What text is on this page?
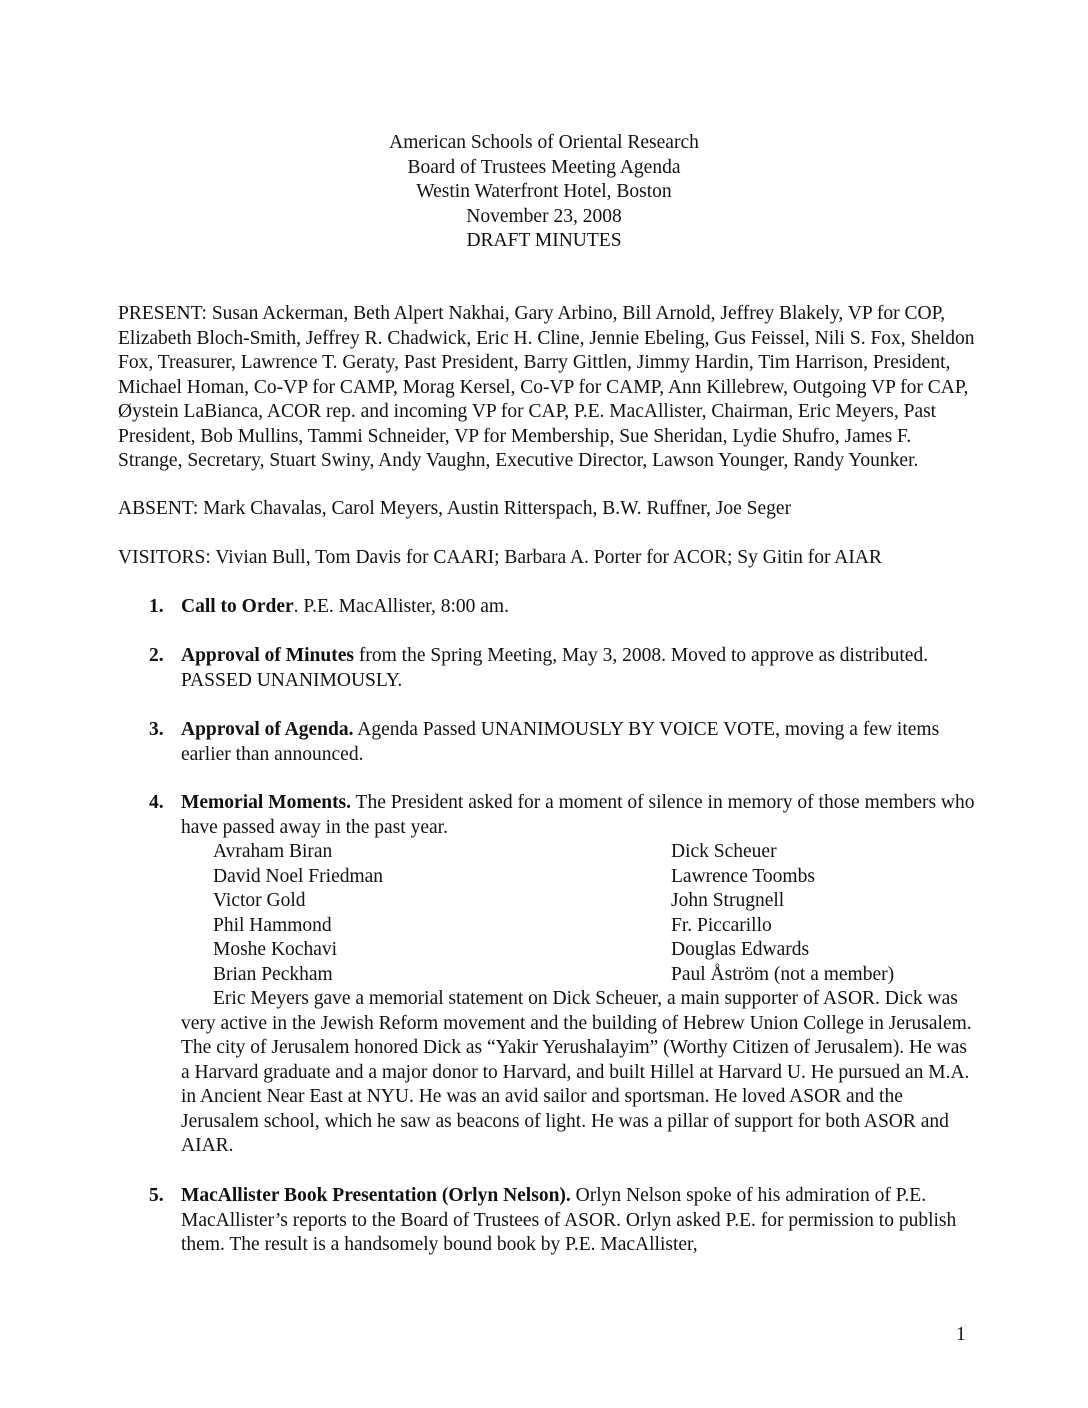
American Schools of Oriental Research
Board of Trustees Meeting Agenda
Westin Waterfront Hotel, Boston
November 23, 2008
DRAFT MINUTES
PRESENT: Susan Ackerman, Beth Alpert Nakhai, Gary Arbino, Bill Arnold, Jeffrey Blakely, VP for COP, Elizabeth Bloch-Smith, Jeffrey R. Chadwick, Eric H. Cline, Jennie Ebeling, Gus Feissel, Nili S. Fox, Sheldon Fox, Treasurer, Lawrence T. Geraty, Past President, Barry Gittlen, Jimmy Hardin, Tim Harrison, President, Michael Homan, Co-VP for CAMP, Morag Kersel, Co-VP for CAMP, Ann Killebrew, Outgoing VP for CAP, Øystein LaBianca, ACOR rep. and incoming VP for CAP, P.E. MacAllister, Chairman, Eric Meyers, Past President, Bob Mullins, Tammi Schneider, VP for Membership, Sue Sheridan, Lydie Shufro, James F. Strange, Secretary, Stuart Swiny, Andy Vaughn, Executive Director, Lawson Younger, Randy Younker.
ABSENT: Mark Chavalas, Carol Meyers, Austin Ritterspach, B.W. Ruffner, Joe Seger
VISITORS: Vivian Bull, Tom Davis for CAARI; Barbara A. Porter for ACOR; Sy Gitin for AIAR
1. Call to Order. P.E. MacAllister, 8:00 am.
2. Approval of Minutes from the Spring Meeting, May 3, 2008. Moved to approve as distributed. PASSED UNANIMOUSLY.
3. Approval of Agenda. Agenda Passed UNANIMOUSLY BY VOICE VOTE, moving a few items earlier than announced.
4. Memorial Moments. The President asked for a moment of silence in memory of those members who have passed away in the past year.
Avraham Biran
David Noel Friedman
Victor Gold
Phil Hammond
Moshe Kochavi
Brian Peckham
Dick Scheuer
Lawrence Toombs
John Strugnell
Fr. Piccarillo
Douglas Edwards
Paul Åström (not a member)
Eric Meyers gave a memorial statement on Dick Scheuer, a main supporter of ASOR. Dick was very active in the Jewish Reform movement and the building of Hebrew Union College in Jerusalem. The city of Jerusalem honored Dick as “Yakir Yerushalayim” (Worthy Citizen of Jerusalem). He was a Harvard graduate and a major donor to Harvard, and built Hillel at Harvard U. He pursued an M.A. in Ancient Near East at NYU. He was an avid sailor and sportsman. He loved ASOR and the Jerusalem school, which he saw as beacons of light. He was a pillar of support for both ASOR and AIAR.
5. MacAllister Book Presentation (Orlyn Nelson). Orlyn Nelson spoke of his admiration of P.E. MacAllister’s reports to the Board of Trustees of ASOR. Orlyn asked P.E. for permission to publish them. The result is a handsomely bound book by P.E. MacAllister,
1
